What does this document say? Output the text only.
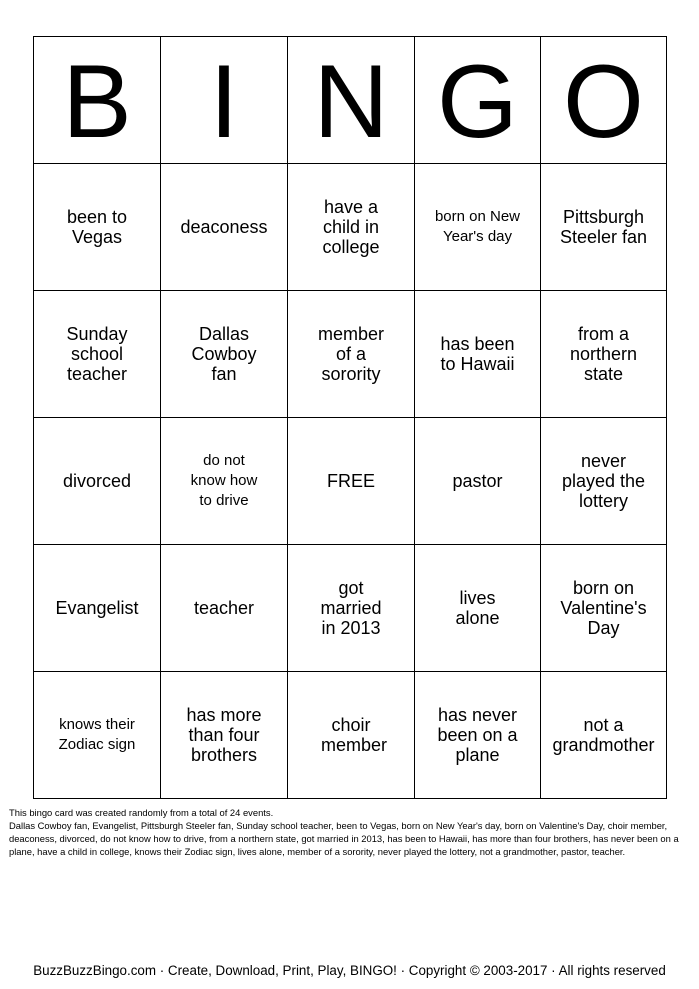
B	I	N	G	O

been to Vegas	deaconess	have a child in college	born on New Year's day	Pittsburgh Steeler fan

Sunday school teacher	Dallas Cowboy fan	member of a sorority	has been to Hawaii	from a northern state

divorced	do not know how to drive	FREE	pastor	never played the lottery

Evangelist	teacher	got married in 2013	lives alone	born on Valentine's Day

knows their Zodiac sign	has more than four brothers	choir member	has never been on a plane	not a grandmother

This bingo card was created randomly from a total of 24 events.

Dallas Cowboy fan, Evangelist, Pittsburgh Steeler fan, Sunday school teacher, been to Vegas, born on New Year's day, born on Valentine's Day, choir member, deaconess, divorced, do not know how to drive, from a northern state, got married in 2013, has been to Hawaii, has more than four brothers, has never been on a plane, have a child in college, knows their Zodiac sign, lives alone, member of a sorority, never played the lottery, not a grandmother, pastor, teacher.

BuzzBuzzBingo.com · Create, Download, Print, Play, BINGO! · Copyright © 2003-2017 · All rights reserved
